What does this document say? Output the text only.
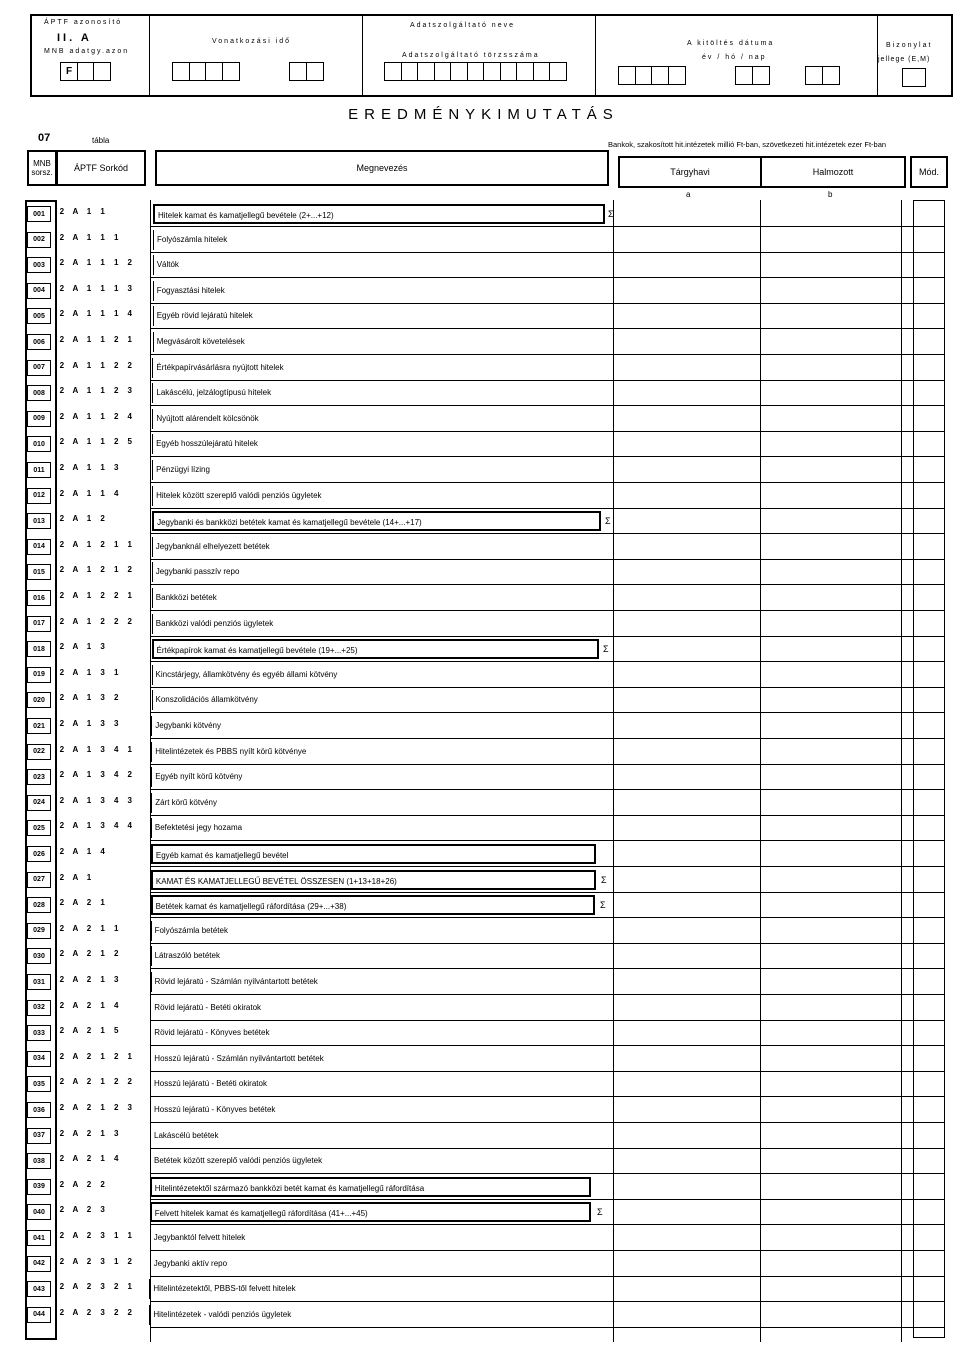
ÁPTF azonosító
II. A
MNB adatgy.azon
F
Vonatkozási idő
Adatszolgáltató neve
Adatszolgáltató törzsszáma
A kitöltés dátuma
év / hó / nap
Bizonylat
jellege (E,M)
EREDMÉNYKIMUTATÁS
07	tábla	Bankok, szakosított hit.intézetek millió Ft-ban, szövetkezeti hit.intézetek ezer Ft-ban
MNB sorsz.	ÁPTF Sorkód	Megnevezés	Tárgyhavi	Halmozott	Mód.
a	b
001	2	A	1	1	Hitelek kamat és kamatjellegű bevétele (2+...+12)	Σ
002	2	A	1	1	1	Folyószámla hitelek
003	2	A	1	1	1	2	Váltók
004	2	A	1	1	1	3	Fogyasztási hitelek
005	2	A	1	1	1	4	Egyéb rövid lejáratú hitelek
006	2	A	1	1	2	1	Megvásárolt követelések
007	2	A	1	1	2	2	Értékpapírvásárlásra nyújtott hitelek
008	2	A	1	1	2	3	Lakáscélú, jelzálogtípusú hitelek
009	2	A	1	1	2	4	Nyújtott alárendelt kölcsönök
010	2	A	1	1	2	5	Egyéb hosszúlejáratú hitelek
011	2	A	1	1	3	Pénzügyi lízing
012	2	A	1	1	4	Hitelek között szereplő valódi penziós ügyletek
013	2	A	1	2	Jegybanki és bankközi betétek kamat és kamatjellegű bevétele (14+...+17)	Σ
014	2	A	1	2	1	1	Jegybanknál elhelyezett betétek
015	2	A	1	2	1	2	Jegybanki passzív repo
016	2	A	1	2	2	1	Bankközi betétek
017	2	A	1	2	2	2	Bankközi valódi penziós ügyletek
018	2	A	1	3	Értékpapírok kamat és kamatjellegű bevétele (19+...+25)	Σ
019	2	A	1	3	1	Kincstárjegy, államkötvény és egyéb állami kötvény
020	2	A	1	3	2	Konszolidációs államkötvény
021	2	A	1	3	3	Jegybanki kötvény
022	2	A	1	3	4	1	Hitelintézetek és PBBS nyílt körű kötvénye
023	2	A	1	3	4	2	Egyéb nyílt körű kötvény
024	2	A	1	3	4	3	Zárt körű kötvény
025	2	A	1	3	4	4	Befektetési jegy hozama
026	2	A	1	4	Egyéb kamat és kamatjellegű bevétel
027	2	A	1	KAMAT ÉS KAMATJELLEGŰ BEVÉTEL ÖSSZESEN (1+13+18+26)	Σ
028	2	A	2	1	Betétek kamat és kamatjellegű ráfordítása (29+...+38)	Σ
029	2	A	2	1	1	Folyószámla betétek
030	2	A	2	1	2	Látraszóló betétek
031	2	A	2	1	3	Rövid lejáratú - Számlán nyilvántartott betétek
032	2	A	2	1	4	Rövid lejáratú - Betéti okiratok
033	2	A	2	1	5	Rövid lejáratú - Könyves betétek
034	2	A	2	1	2	1	Hosszú lejáratú - Számlán nyilvántartott betétek
035	2	A	2	1	2	2	Hosszú lejáratú - Betéti okiratok
036	2	A	2	1	2	3	Hosszú lejáratú - Könyves betétek
037	2	A	2	1	3	Lakáscélú betétek
038	2	A	2	1	4	Betétek között szereplő valódi penziós ügyletek
039	2	A	2	2	Hitelintézetektől származó bankközi betét kamat és kamatjellegű ráfordítása
040	2	A	2	3	Felvett hitelek kamat és kamatjellegű ráfordítása (41+...+45)	Σ
041	2	A	2	3	1	1	Jegybanktól felvett hitelek
042	2	A	2	3	1	2	Jegybanki aktív repo
043	2	A	2	3	2	1	Hitelintézetektől, PBBS-től felvett hitelek
044	2	A	2	3	2	2	Hitelintézetek - valódi penziós ügyletek
